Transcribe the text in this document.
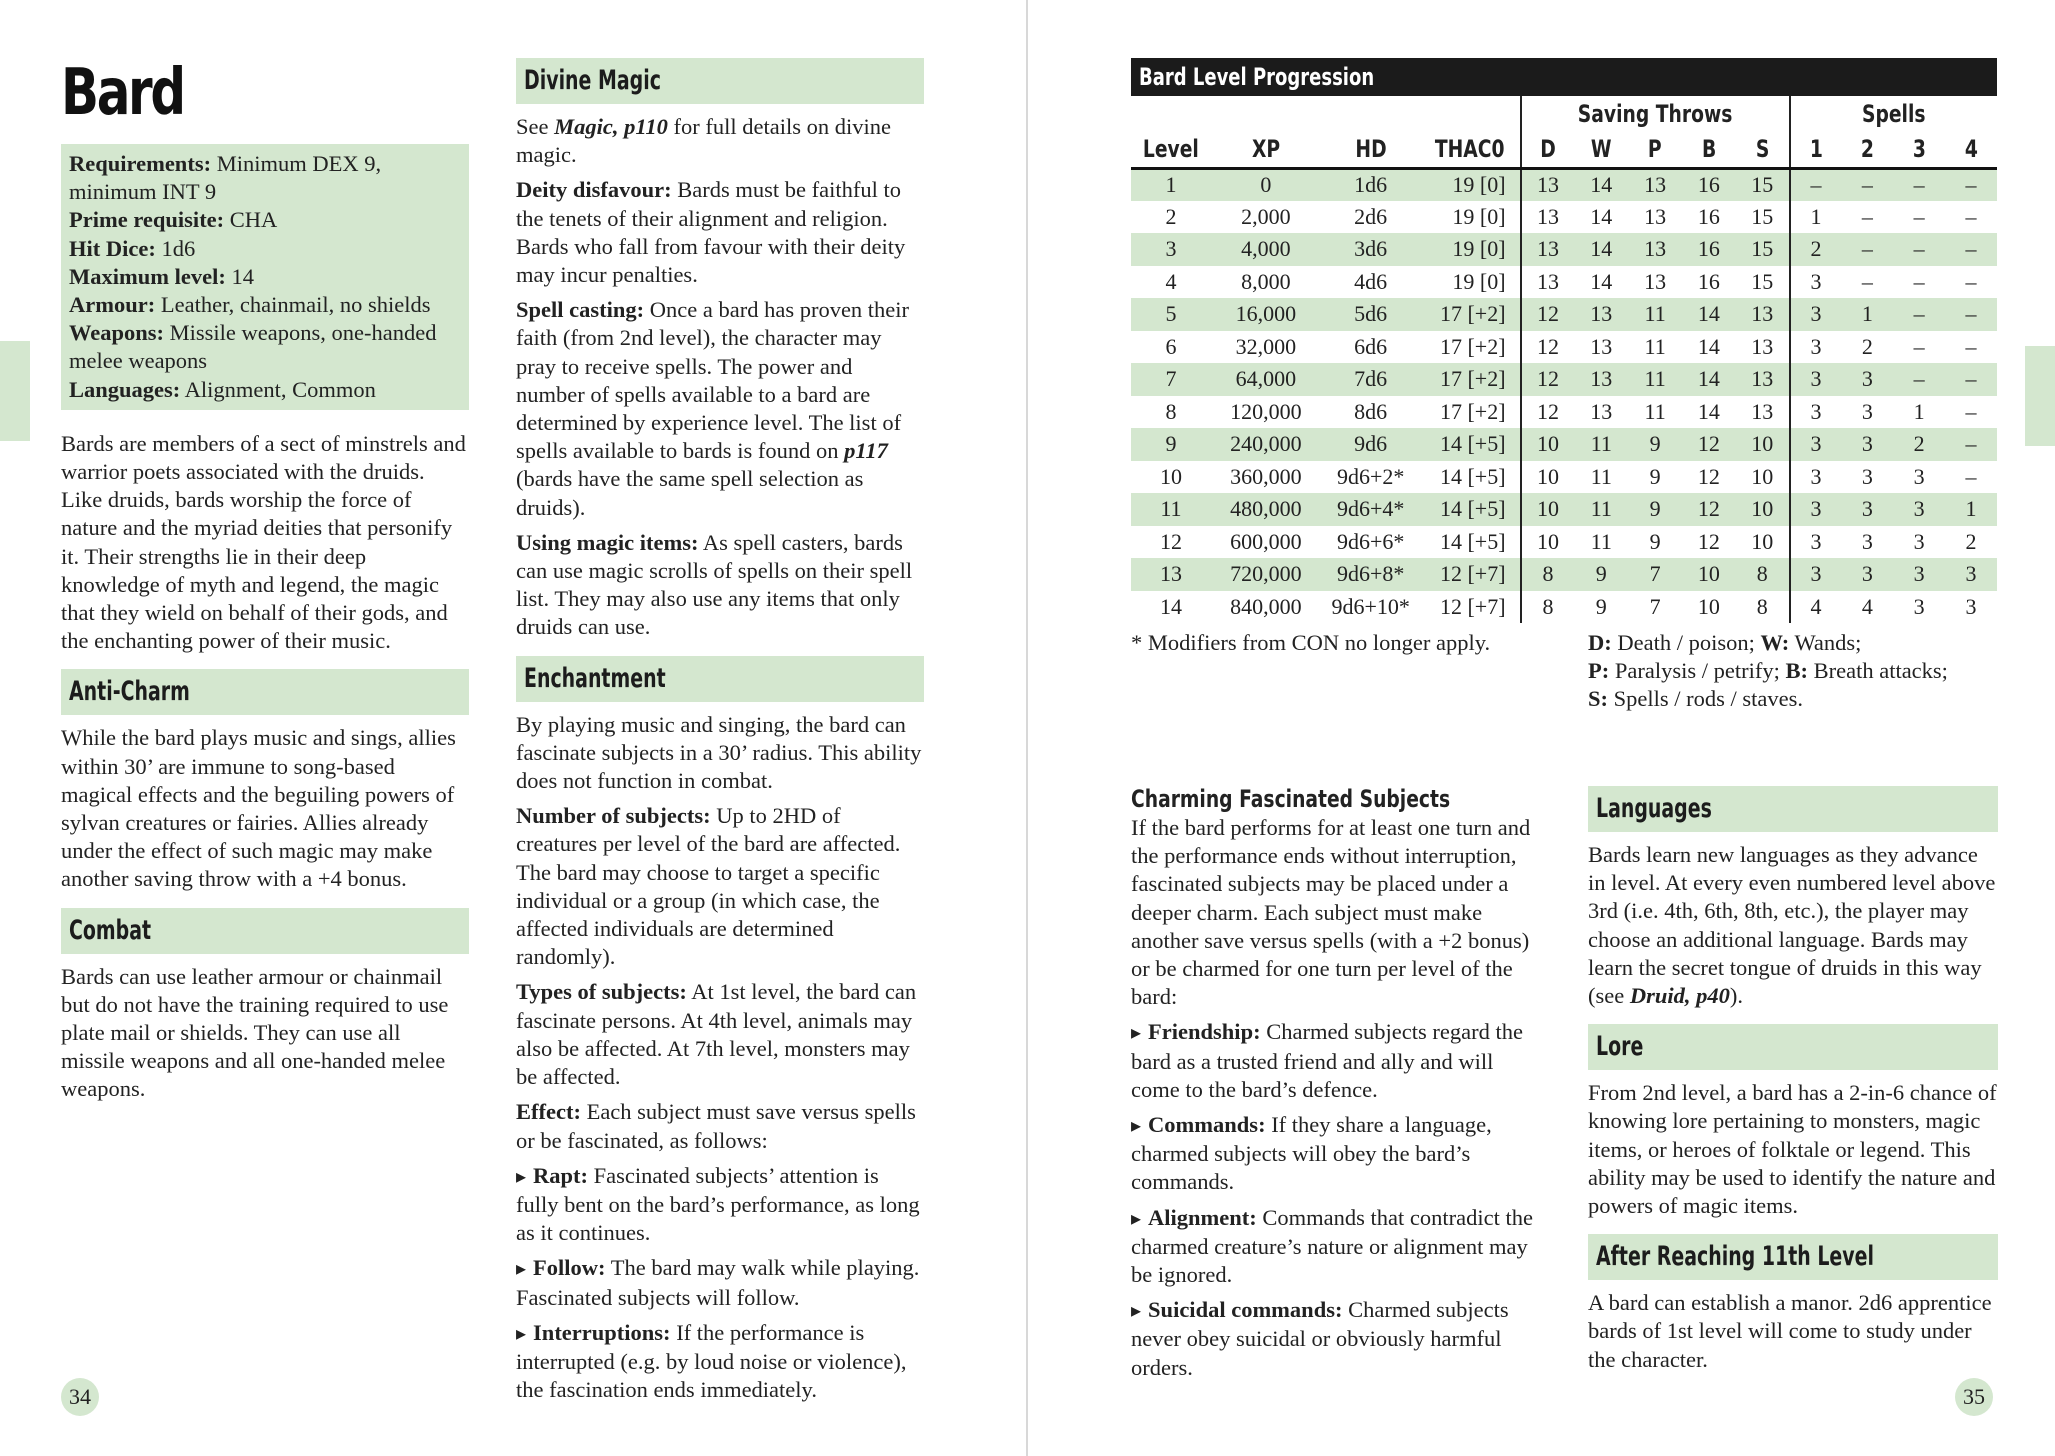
Bard
Requirements: Minimum DEX 9, minimum INT 9
Prime requisite: CHA
Hit Dice: 1d6
Maximum level: 14
Armour: Leather, chainmail, no shields
Weapons: Missile weapons, one-handed melee weapons
Languages: Alignment, Common

Bards are members of a sect of minstrels and warrior poets associated with the druids. Like druids, bards worship the force of nature and the myriad deities that personify it. Their strengths lie in their deep knowledge of myth and legend, the magic that they wield on behalf of their gods, and the enchanting power of their music.

Anti-Charm

While the bard plays music and sings, allies within 30’ are immune to song-based magical effects and the beguiling powers of sylvan creatures or fairies. Allies already under the effect of such magic may make another saving throw with a +4 bonus.

Combat

Bards can use leather armour or chainmail but do not have the training required to use plate mail or shields. They can use all missile weapons and all one-handed melee weapons.

Divine Magic

See Magic, p110 for full details on divine magic.

Deity disfavour: Bards must be faithful to the tenets of their alignment and religion. Bards who fall from favour with their deity may incur penalties.

Spell casting: Once a bard has proven their faith (from 2nd level), the character may pray to receive spells. The power and number of spells available to a bard are determined by experience level. The list of spells available to bards is found on p117 (bards have the same spell selection as druids).

Using magic items: As spell casters, bards can use magic scrolls of spells on their spell list. They may also use any items that only druids can use.

Enchantment

By playing music and singing, the bard can fascinate subjects in a 30’ radius. This ability does not function in combat.

Number of subjects: Up to 2HD of creatures per level of the bard are affected. The bard may choose to target a specific individual or a group (in which case, the affected individuals are determined randomly).

Types of subjects: At 1st level, the bard can fascinate persons. At 4th level, animals may also be affected. At 7th level, monsters may be affected.

Effect: Each subject must save versus spells or be fascinated, as follows:

▸ Rapt: Fascinated subjects’ attention is fully bent on the bard’s performance, as long as it continues.

▸ Follow: The bard may walk while playing. Fascinated subjects will follow.

▸ Interruptions: If the performance is interrupted (e.g. by loud noise or violence), the fascination ends immediately.

34
Bard Level Progression
				Saving Throws					Spells			
Level	XP	HD	THAC0	D	W	P	B	S	1	2	3	4
1	0	1d6	19 [0]	13	14	13	16	15	–	–	–	–
2	2,000	2d6	19 [0]	13	14	13	16	15	1	–	–	–
3	4,000	3d6	19 [0]	13	14	13	16	15	2	–	–	–
4	8,000	4d6	19 [0]	13	14	13	16	15	3	–	–	–
5	16,000	5d6	17 [+2]	12	13	11	14	13	3	1	–	–
6	32,000	6d6	17 [+2]	12	13	11	14	13	3	2	–	–
7	64,000	7d6	17 [+2]	12	13	11	14	13	3	3	–	–
8	120,000	8d6	17 [+2]	12	13	11	14	13	3	3	1	–
9	240,000	9d6	14 [+5]	10	11	9	12	10	3	3	2	–
10	360,000	9d6+2*	14 [+5]	10	11	9	12	10	3	3	3	–
11	480,000	9d6+4*	14 [+5]	10	11	9	12	10	3	3	3	1
12	600,000	9d6+6*	14 [+5]	10	11	9	12	10	3	3	3	2
13	720,000	9d6+8*	12 [+7]	8	9	7	10	8	3	3	3	3
14	840,000	9d6+10*	12 [+7]	8	9	7	10	8	4	4	3	3
* Modifiers from CON no longer apply.	D: Death / poison; W: Wands;
P: Paralysis / petrify; B: Breath attacks;
S: Spells / rods / staves.
Charming Fascinated Subjects

If the bard performs for at least one turn and the performance ends without interruption, fascinated subjects may be placed under a deeper charm. Each subject must make another save versus spells (with a +2 bonus) or be charmed for one turn per level of the bard:

▸ Friendship: Charmed subjects regard the bard as a trusted friend and ally and will come to the bard’s defence.

▸ Commands: If they share a language, charmed subjects will obey the bard’s commands.

▸ Alignment: Commands that contradict the charmed creature’s nature or alignment may be ignored.

▸ Suicidal commands: Charmed subjects never obey suicidal or obviously harmful orders.

Languages

Bards learn new languages as they advance in level. At every even numbered level above 3rd (i.e. 4th, 6th, 8th, etc.), the player may choose an additional language. Bards may learn the secret tongue of druids in this way (see Druid, p40).

Lore

From 2nd level, a bard has a 2-in-6 chance of knowing lore pertaining to monsters, magic items, or heroes of folktale or legend. This ability may be used to identify the nature and powers of magic items.

After Reaching 11th Level

A bard can establish a manor. 2d6 apprentice bards of 1st level will come to study under the character.

35
